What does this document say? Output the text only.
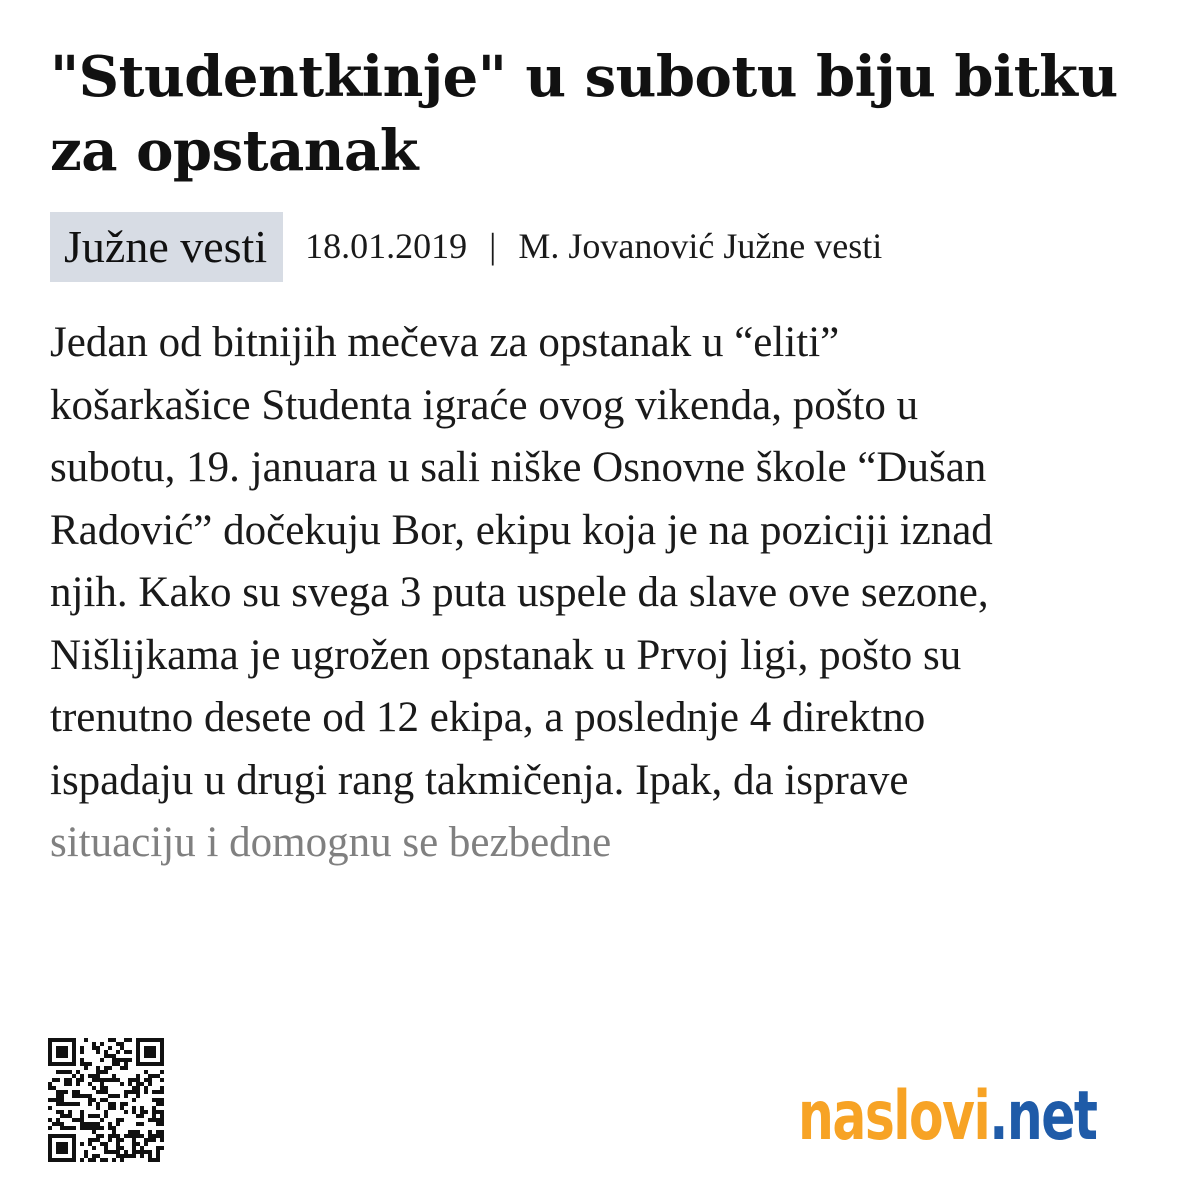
"Studentkinje" u subotu biju bitku za opstanak
Južne vesti	18.01.2019 | M. Jovanović Južne vesti
Jedan od bitnijih mečeva za opstanak u “eliti”
košarkašice Studenta igraće ovog vikenda, pošto u
subotu, 19. januara u sali niške Osnovne škole “Dušan
Radović” dočekuju Bor, ekipu koja je na poziciji iznad
njih. Kako su svega 3 puta uspele da slave ove sezone,
Nišlijkama je ugrožen opstanak u Prvoj ligi, pošto su
trenutno desete od 12 ekipa, a poslednje 4 direktno
ispadaju u drugi rang takmičenja. Ipak, da isprave
situaciju i domognu se bezbedne
naslovi.net
